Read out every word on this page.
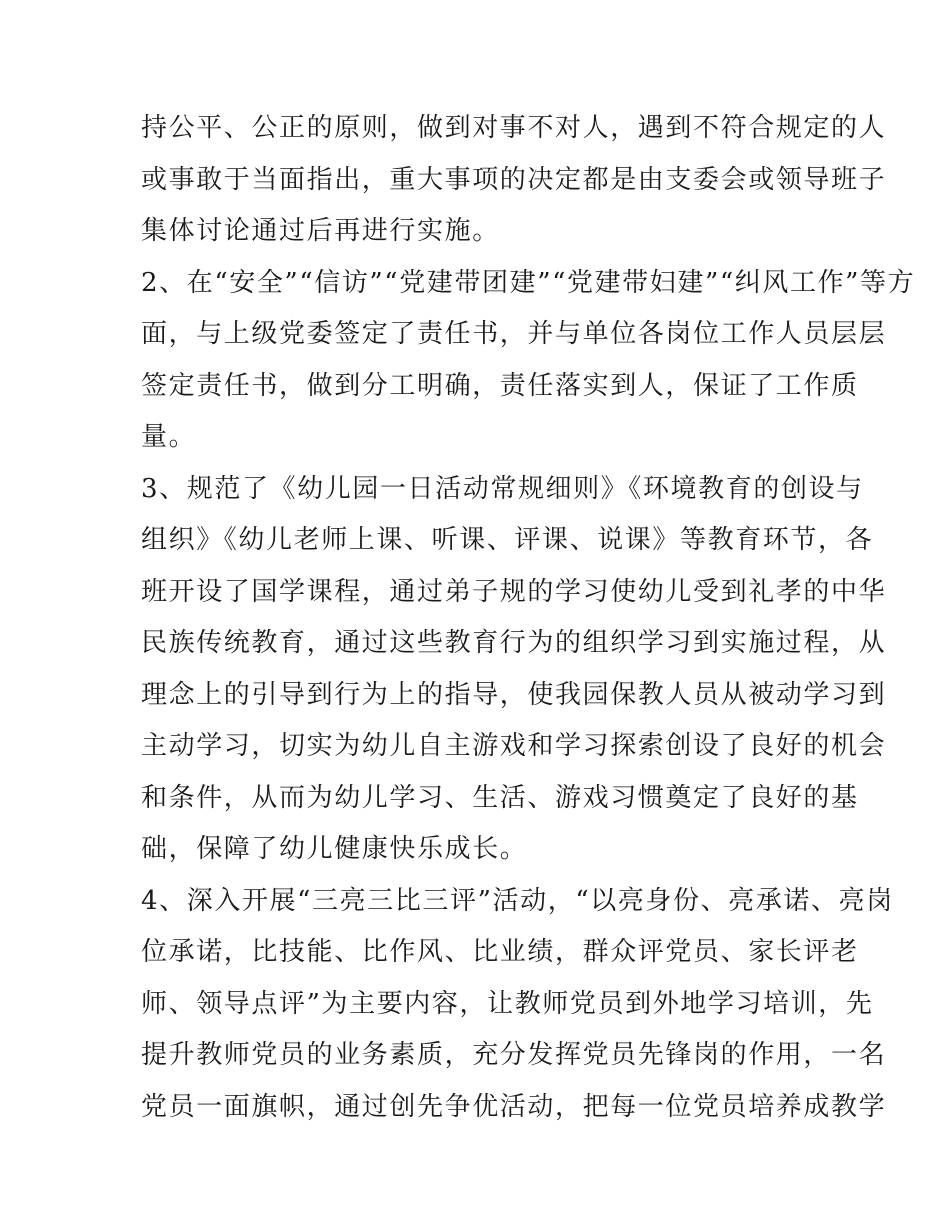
持公平、公正的原则，做到对事不对人，遇到不符合规定的人
或事敢于当面指出，重大事项的决定都是由支委会或领导班子
集体讨论通过后再进行实施。
2、在“安全”“信访”“党建带团建”“党建带妇建”“纠风工作”等方
面，与上级党委签定了责任书，并与单位各岗位工作人员层层
签定责任书，做到分工明确，责任落实到人，保证了工作质
量。
3、规范了《幼儿园一日活动常规细则》《环境教育的创设与
组织》《幼儿老师上课、听课、评课、说课》等教育环节，各
班开设了国学课程，通过弟子规的学习使幼儿受到礼孝的中华
民族传统教育，通过这些教育行为的组织学习到实施过程，从
理念上的引导到行为上的指导，使我园保教人员从被动学习到
主动学习，切实为幼儿自主游戏和学习探索创设了良好的机会
和条件，从而为幼儿学习、生活、游戏习惯奠定了良好的基
础，保障了幼儿健康快乐成长。
4、深入开展“三亮三比三评”活动，“以亮身份、亮承诺、亮岗
位承诺，比技能、比作风、比业绩，群众评党员、家长评老
师、领导点评”为主要内容，让教师党员到外地学习培训，先
提升教师党员的业务素质，充分发挥党员先锋岗的作用，一名
党员一面旗帜，通过创先争优活动，把每一位党员培养成教学
